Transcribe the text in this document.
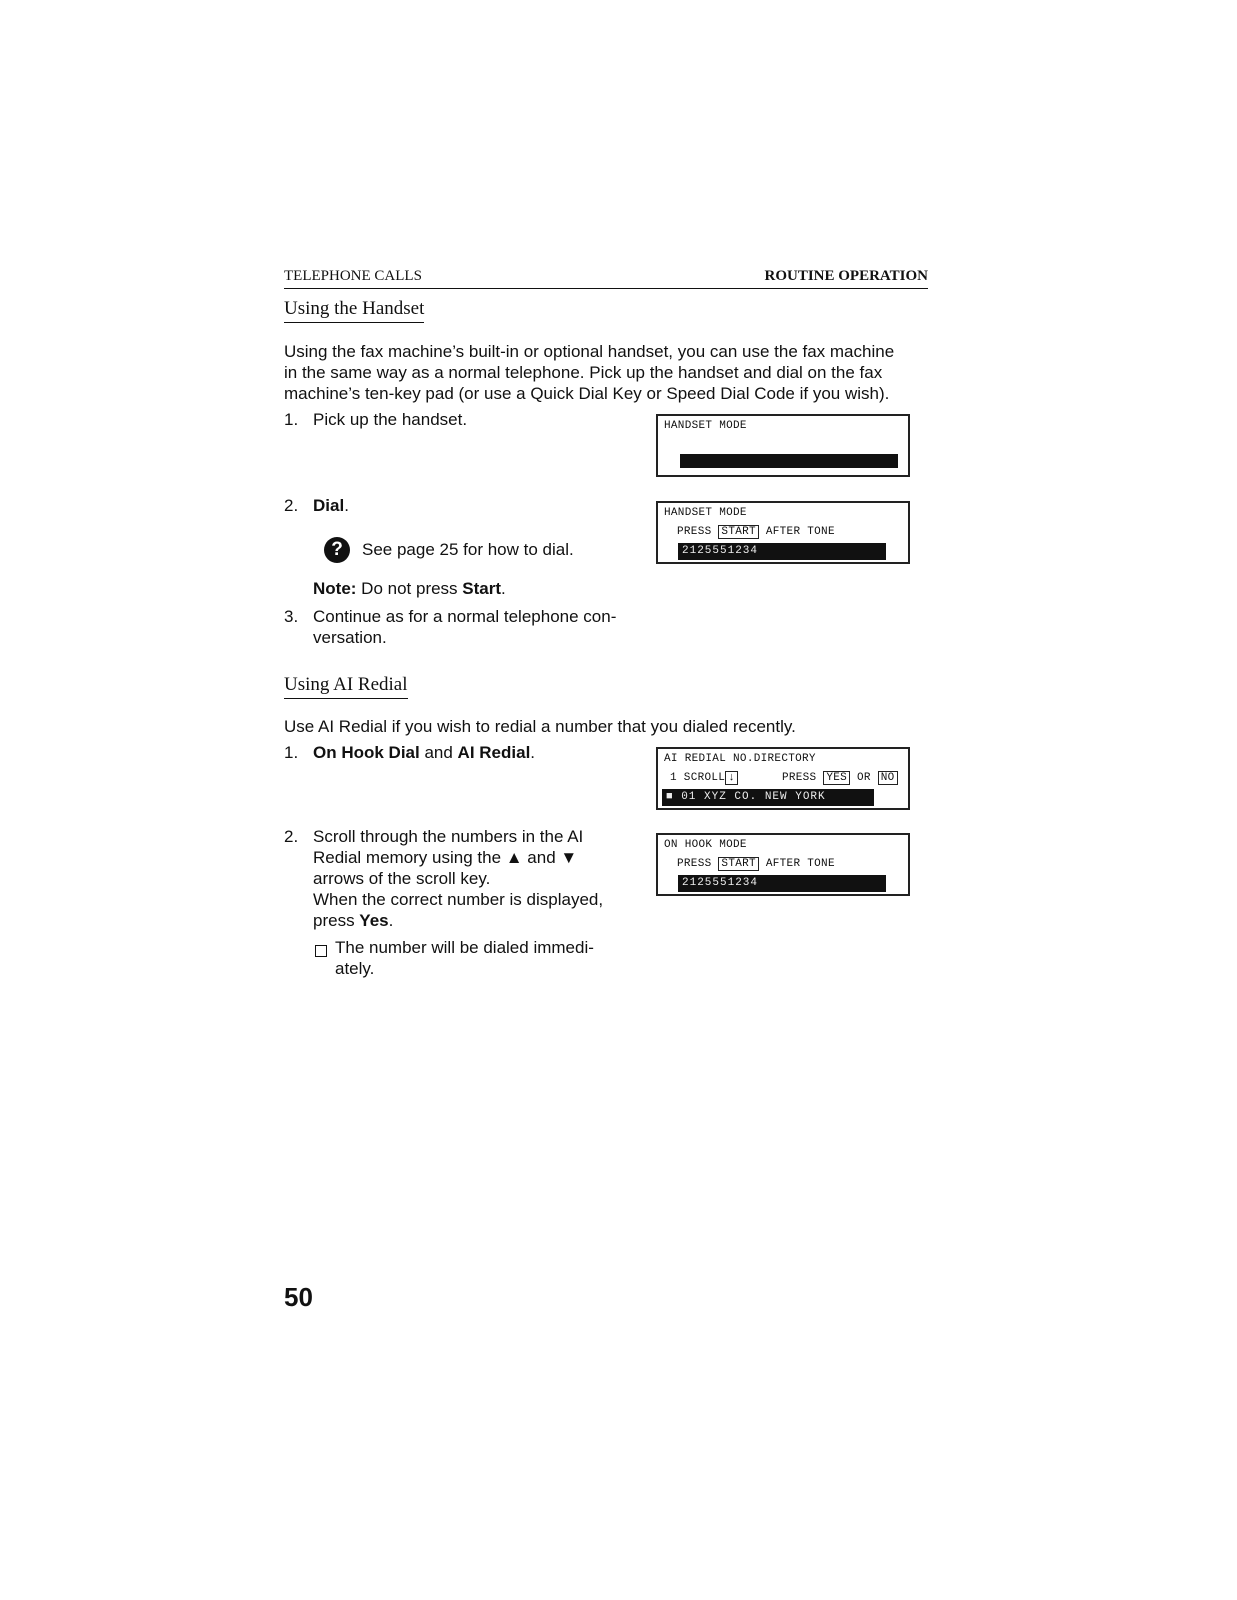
TELEPHONE CALLS	ROUTINE OPERATION
Using the Handset
Using the fax machine’s built-in or optional handset, you can use the fax machine
in the same way as a normal telephone. Pick up the handset and dial on the fax
machine’s ten-key pad (or use a Quick Dial Key or Speed Dial Code if you wish).
1. Pick up the handset.	HANDSET MODE
2. Dial.	HANDSET MODE
PRESS START AFTER TONE
2125551234
?	See page 25 for how to dial.
Note: Do not press Start.
3. Continue as for a normal telephone con-
versation.
Using AI Redial
Use AI Redial if you wish to redial a number that you dialed recently.
1. On Hook Dial and AI Redial.	AI REDIAL NO.DIRECTORY
1 SCROLL ↓	PRESS YES OR NO
■ 01 XYZ CO. NEW YORK
2. Scroll through the numbers in the AI
Redial memory using the ▲ and ▼
arrows of the scroll key.
When the correct number is displayed,
press Yes.
ON HOOK MODE
PRESS START AFTER TONE
2125551234
The number will be dialed immedi-
ately.
50
